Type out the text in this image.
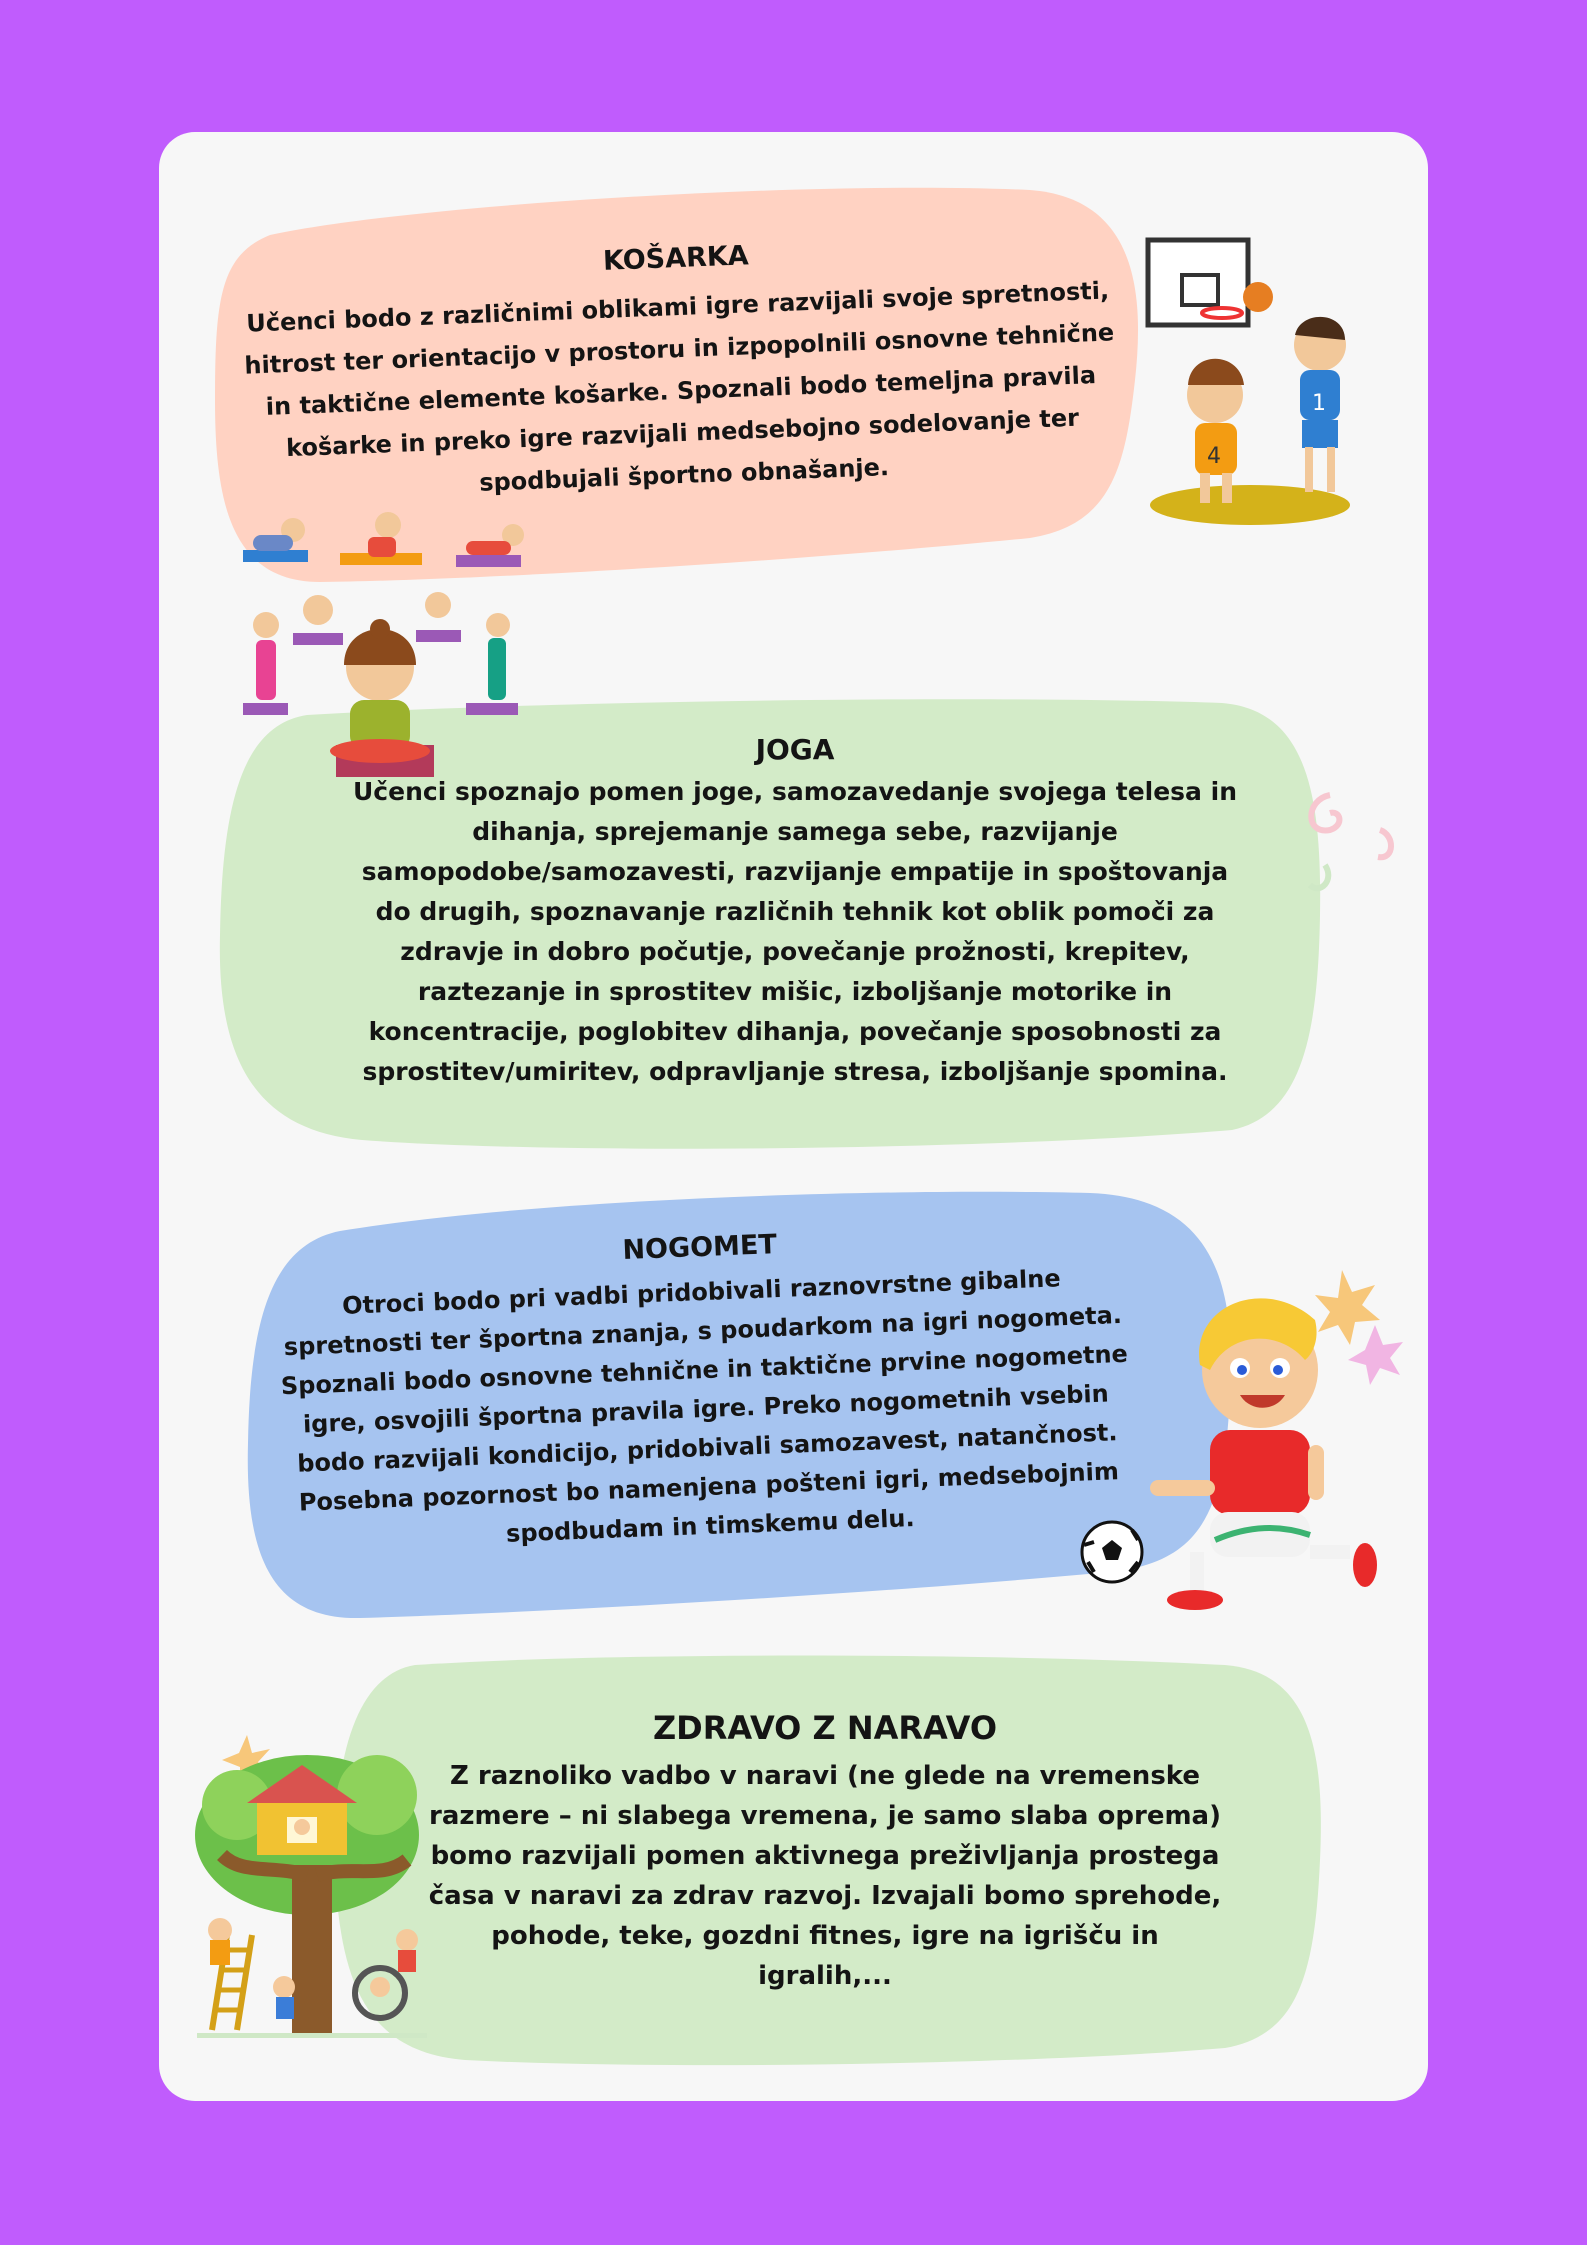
KOŠARKA
Učenci bodo z različnimi oblikami igre razvijali svoje spretnosti, hitrost ter orientacijo v prostoru in izpopolnili osnovne tehnične in taktične elemente košarke. Spoznali bodo temeljna pravila košarke in preko igre razvijali medsebojno sodelovanje ter spodbujali športno obnašanje.
JOGA
Učenci spoznajo pomen joge, samozavedanje svojega telesa in dihanja, sprejemanje samega sebe, razvijanje samopodobe/samozavesti, razvijanje empatije in spoštovanja do drugih, spoznavanje različnih tehnik kot oblik pomoči za zdravje in dobro počutje, povečanje prožnosti, krepitev, raztezanje in sprostitev mišic, izboljšanje motorike in koncentracije, poglobitev dihanja, povečanje sposobnosti za sprostitev/umiritev, odpravljanje stresa, izboljšanje spomina.
NOGOMET
Otroci bodo pri vadbi pridobivali raznovrstne gibalne spretnosti ter športna znanja, s poudarkom na igri nogometa. Spoznali bodo osnovne tehnične in taktične prvine nogometne igre, osvojili športna pravila igre. Preko nogometnih vsebin bodo razvijali kondicijo, pridobivali samozavest, natančnost. Posebna pozornost bo namenjena pošteni igri, medsebojnim spodbudam in timskemu delu.
ZDRAVO Z NARAVO
Z raznoliko vadbo v naravi (ne glede na vremenske razmere – ni slabega vremena, je samo slaba oprema) bomo razvijali pomen aktivnega preživljanja prostega časa v naravi za zdrav razvoj. Izvajali bomo sprehode, pohode, teke, gozdni fitnes, igre na igrišču in igralih,...
1
4
